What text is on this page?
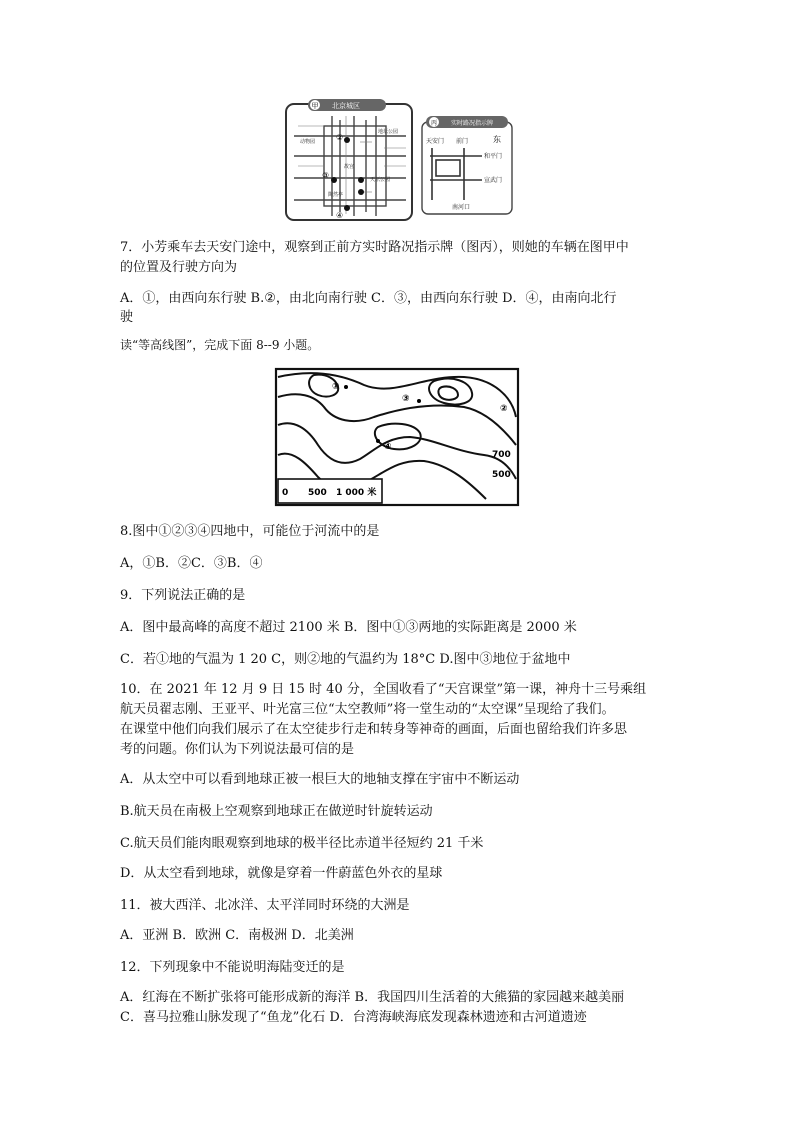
甲 北京城区
动物园
故宫
天坛公园
地坛公园
陶然亭
②
③
④
丙 实时路况指示牌
东
天安门 前门
和平门
宣武门
南河口
7．小芳乘车去天安门途中，观察到正前方实时路况指示牌（图丙），则她的车辆在图甲中
的位置及行驶方向为
A．①，由西向东行驶 B.②，由北向南行驶 C．③，由西向东行驶 D．④，由南向北行
驶
读“等高线图”，完成下面 8--9 小题。
①
②
③
④
700
500
0 500 1 000 米
8.图中①②③④四地中，可能位于河流中的是
A，①B．②C．③B．④
9．下列说法正确的是
A．图中最高峰的高度不超过 2100 米 B．图中①③两地的实际距离是 2000 米
C．若①地的气温为 1 20 C，则②地的气温约为 18°C D.图中③地位于盆地中
10．在 2021 年 12 月 9 日 15 时 40 分，全国收看了“天宫课堂”第一课，神舟十三号乘组
航天员翟志刚、王亚平、叶光富三位“太空教师”将一堂生动的“太空课”呈现给了我们。
在课堂中他们向我们展示了在太空徒步行走和转身等神奇的画面，后面也留给我们许多思
考的问题。你们认为下列说法最可信的是
A．从太空中可以看到地球正被一根巨大的地轴支撑在宇宙中不断运动
B.航天员在南极上空观察到地球正在做逆时针旋转运动
C.航天员们能肉眼观察到地球的极半径比赤道半径短约 21 千米
D．从太空看到地球，就像是穿着一件蔚蓝色外衣的星球
11．被大西洋、北冰洋、太平洋同时环绕的大洲是
A．亚洲 B．欧洲 C．南极洲 D．北美洲
12．下列现象中不能说明海陆变迁的是
A．红海在不断扩张将可能形成新的海洋 B．我国四川生活着的大熊猫的家园越来越美丽
C．喜马拉雅山脉发现了“鱼龙”化石 D．台湾海峡海底发现森林遗迹和古河道遗迹
